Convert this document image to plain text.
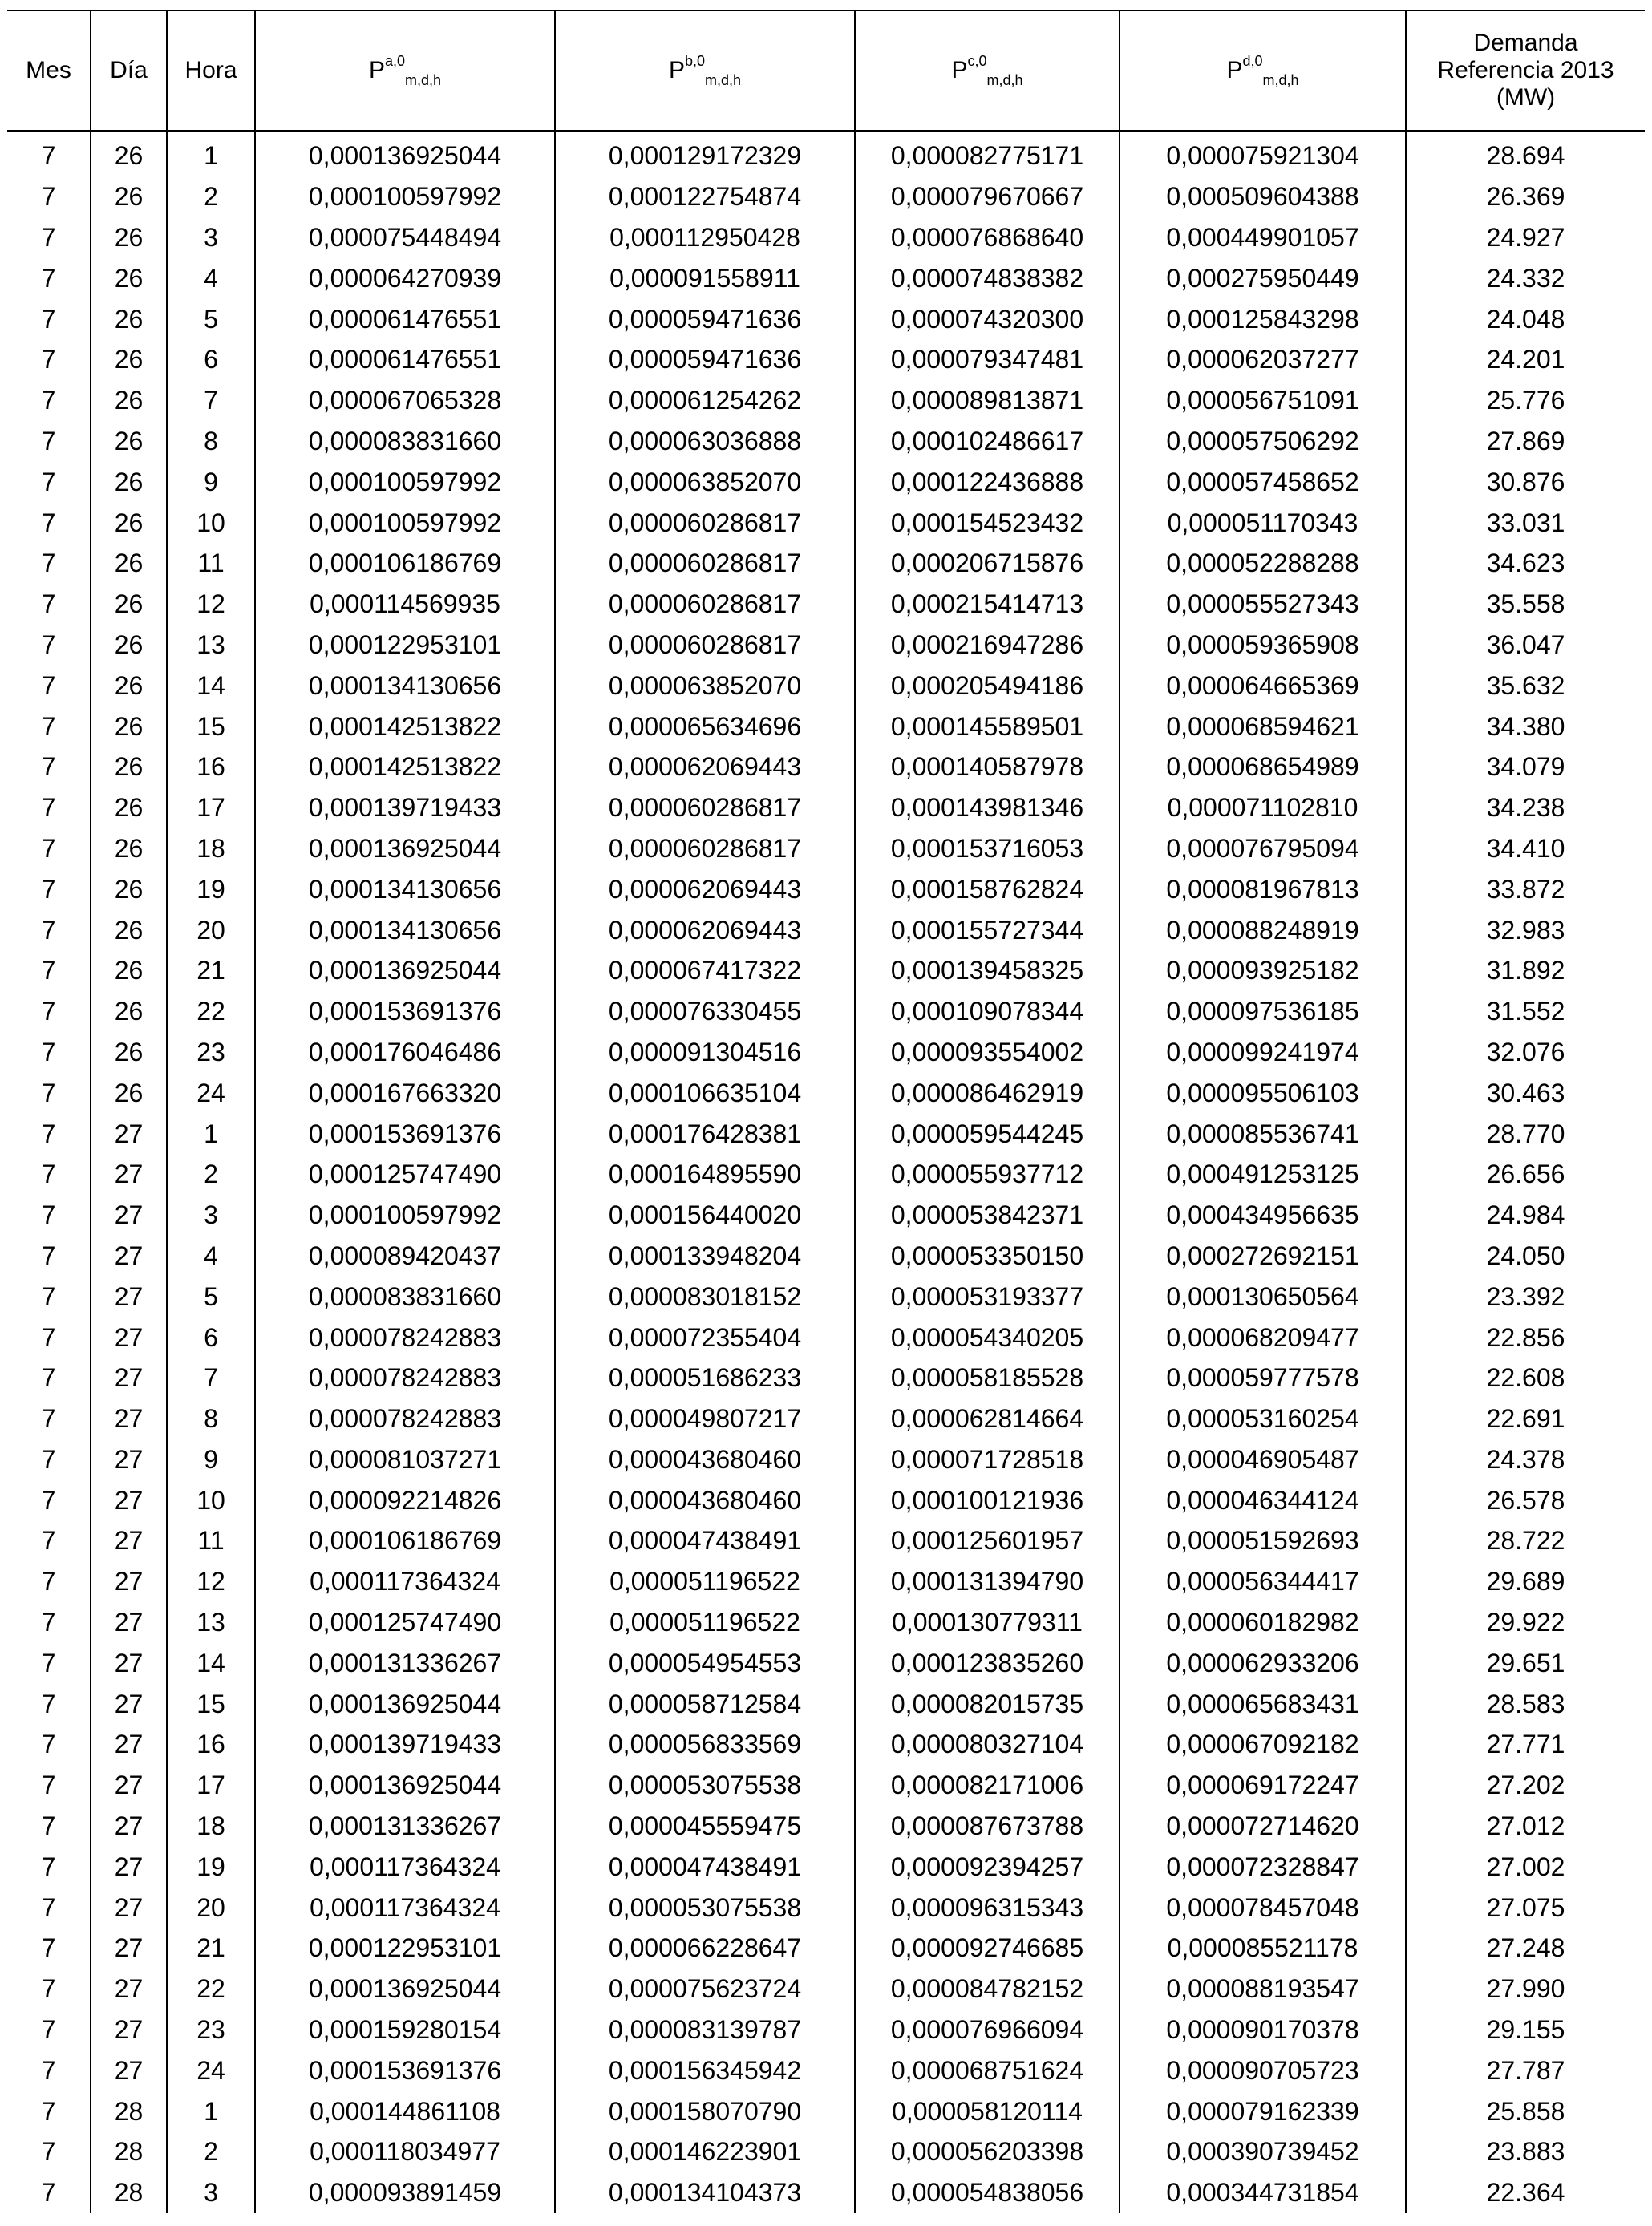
Mes	Día	Hora	P$^{a,0}_{m,d,h}$	P$^{b,0}_{m,d,h}$	P$^{c,0}_{m,d,h}$	P$^{d,0}_{m,d,h}$	Demanda
Referencia 2013
(MW)

7	26	1	0,000136925044	0,000129172329	0,000082775171	0,000075921304	28.694
7	26	2	0,000100597992	0,000122754874	0,000079670667	0,000509604388	26.369
7	26	3	0,000075448494	0,000112950428	0,000076868640	0,000449901057	24.927
7	26	4	0,000064270939	0,000091558911	0,000074838382	0,000275950449	24.332
7	26	5	0,000061476551	0,000059471636	0,000074320300	0,000125843298	24.048
7	26	6	0,000061476551	0,000059471636	0,000079347481	0,000062037277	24.201
7	26	7	0,000067065328	0,000061254262	0,000089813871	0,000056751091	25.776
7	26	8	0,000083831660	0,000063036888	0,000102486617	0,000057506292	27.869
7	26	9	0,000100597992	0,000063852070	0,000122436888	0,000057458652	30.876
7	26	10	0,000100597992	0,000060286817	0,000154523432	0,000051170343	33.031
7	26	11	0,000106186769	0,000060286817	0,000206715876	0,000052288288	34.623
7	26	12	0,000114569935	0,000060286817	0,000215414713	0,000055527343	35.558
7	26	13	0,000122953101	0,000060286817	0,000216947286	0,000059365908	36.047
7	26	14	0,000134130656	0,000063852070	0,000205494186	0,000064665369	35.632
7	26	15	0,000142513822	0,000065634696	0,000145589501	0,000068594621	34.380
7	26	16	0,000142513822	0,000062069443	0,000140587978	0,000068654989	34.079
7	26	17	0,000139719433	0,000060286817	0,000143981346	0,000071102810	34.238
7	26	18	0,000136925044	0,000060286817	0,000153716053	0,000076795094	34.410
7	26	19	0,000134130656	0,000062069443	0,000158762824	0,000081967813	33.872
7	26	20	0,000134130656	0,000062069443	0,000155727344	0,000088248919	32.983
7	26	21	0,000136925044	0,000067417322	0,000139458325	0,000093925182	31.892
7	26	22	0,000153691376	0,000076330455	0,000109078344	0,000097536185	31.552
7	26	23	0,000176046486	0,000091304516	0,000093554002	0,000099241974	32.076
7	26	24	0,000167663320	0,000106635104	0,000086462919	0,000095506103	30.463
7	27	1	0,000153691376	0,000176428381	0,000059544245	0,000085536741	28.770
7	27	2	0,000125747490	0,000164895590	0,000055937712	0,000491253125	26.656
7	27	3	0,000100597992	0,000156440020	0,000053842371	0,000434956635	24.984
7	27	4	0,000089420437	0,000133948204	0,000053350150	0,000272692151	24.050
7	27	5	0,000083831660	0,000083018152	0,000053193377	0,000130650564	23.392
7	27	6	0,000078242883	0,000072355404	0,000054340205	0,000068209477	22.856
7	27	7	0,000078242883	0,000051686233	0,000058185528	0,000059777578	22.608
7	27	8	0,000078242883	0,000049807217	0,000062814664	0,000053160254	22.691
7	27	9	0,000081037271	0,000043680460	0,000071728518	0,000046905487	24.378
7	27	10	0,000092214826	0,000043680460	0,000100121936	0,000046344124	26.578
7	27	11	0,000106186769	0,000047438491	0,000125601957	0,000051592693	28.722
7	27	12	0,000117364324	0,000051196522	0,000131394790	0,000056344417	29.689
7	27	13	0,000125747490	0,000051196522	0,000130779311	0,000060182982	29.922
7	27	14	0,000131336267	0,000054954553	0,000123835260	0,000062933206	29.651
7	27	15	0,000136925044	0,000058712584	0,000082015735	0,000065683431	28.583
7	27	16	0,000139719433	0,000056833569	0,000080327104	0,000067092182	27.771
7	27	17	0,000136925044	0,000053075538	0,000082171006	0,000069172247	27.202
7	27	18	0,000131336267	0,000045559475	0,000087673788	0,000072714620	27.012
7	27	19	0,000117364324	0,000047438491	0,000092394257	0,000072328847	27.002
7	27	20	0,000117364324	0,000053075538	0,000096315343	0,000078457048	27.075
7	27	21	0,000122953101	0,000066228647	0,000092746685	0,000085521178	27.248
7	27	22	0,000136925044	0,000075623724	0,000084782152	0,000088193547	27.990
7	27	23	0,000159280154	0,000083139787	0,000076966094	0,000090170378	29.155
7	27	24	0,000153691376	0,000156345942	0,000068751624	0,000090705723	27.787
7	28	1	0,000144861108	0,000158070790	0,000058120114	0,000079162339	25.858
7	28	2	0,000118034977	0,000146223901	0,000056203398	0,000390739452	23.883
7	28	3	0,000093891459	0,000134104373	0,000054838056	0,000344731854	22.364
